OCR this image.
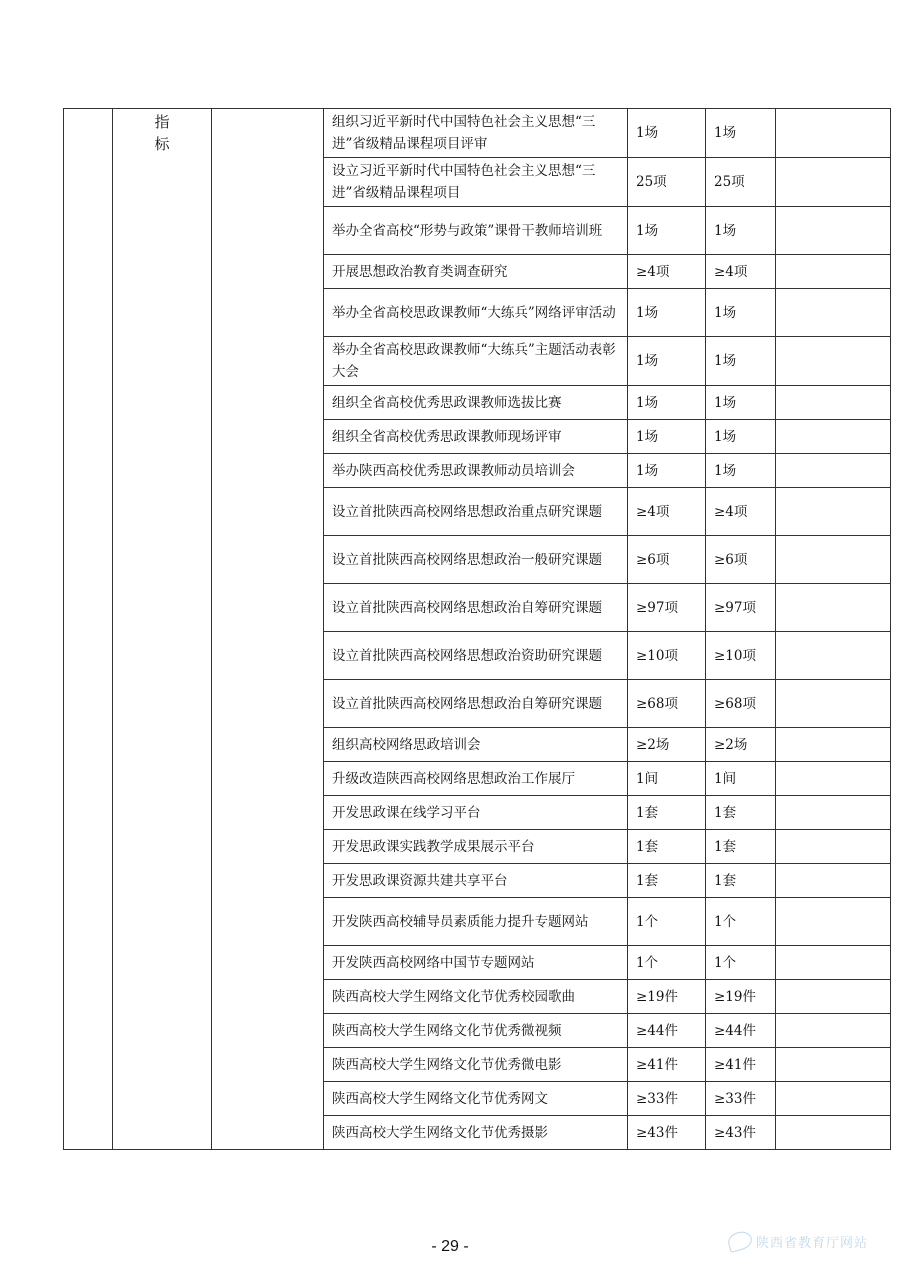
	指标		组织习近平新时代中国特色社会主义思想“三进”省级精品课程项目评审	1场	1场	
			设立习近平新时代中国特色社会主义思想“三进”省级精品课程项目	25项	25项	
			举办全省高校“形势与政策”课骨干教师培训班	1场	1场	
			开展思想政治教育类调查研究	≥4项	≥4项	
			举办全省高校思政课教师“大练兵”网络评审活动	1场	1场	
			举办全省高校思政课教师“大练兵”主题活动表彰大会	1场	1场	
			组织全省高校优秀思政课教师选拔比赛	1场	1场	
			组织全省高校优秀思政课教师现场评审	1场	1场	
			举办陕西高校优秀思政课教师动员培训会	1场	1场	
			设立首批陕西高校网络思想政治重点研究课题	≥4项	≥4项	
			设立首批陕西高校网络思想政治一般研究课题	≥6项	≥6项	
			设立首批陕西高校网络思想政治自筹研究课题	≥97项	≥97项	
			设立首批陕西高校网络思想政治资助研究课题	≥10项	≥10项	
			设立首批陕西高校网络思想政治自筹研究课题	≥68项	≥68项	
			组织高校网络思政培训会	≥2场	≥2场	
			升级改造陕西高校网络思想政治工作展厅	1间	1间	
			开发思政课在线学习平台	1套	1套	
			开发思政课实践教学成果展示平台	1套	1套	
			开发思政课资源共建共享平台	1套	1套	
			开发陕西高校辅导员素质能力提升专题网站	1个	1个	
			开发陕西高校网络中国节专题网站	1个	1个	
			陕西高校大学生网络文化节优秀校园歌曲	≥19件	≥19件	
			陕西高校大学生网络文化节优秀微视频	≥44件	≥44件	
			陕西高校大学生网络文化节优秀微电影	≥41件	≥41件	
			陕西高校大学生网络文化节优秀网文	≥33件	≥33件	
			陕西高校大学生网络文化节优秀摄影	≥43件	≥43件	
- 29 -	陕西省教育厅网站
